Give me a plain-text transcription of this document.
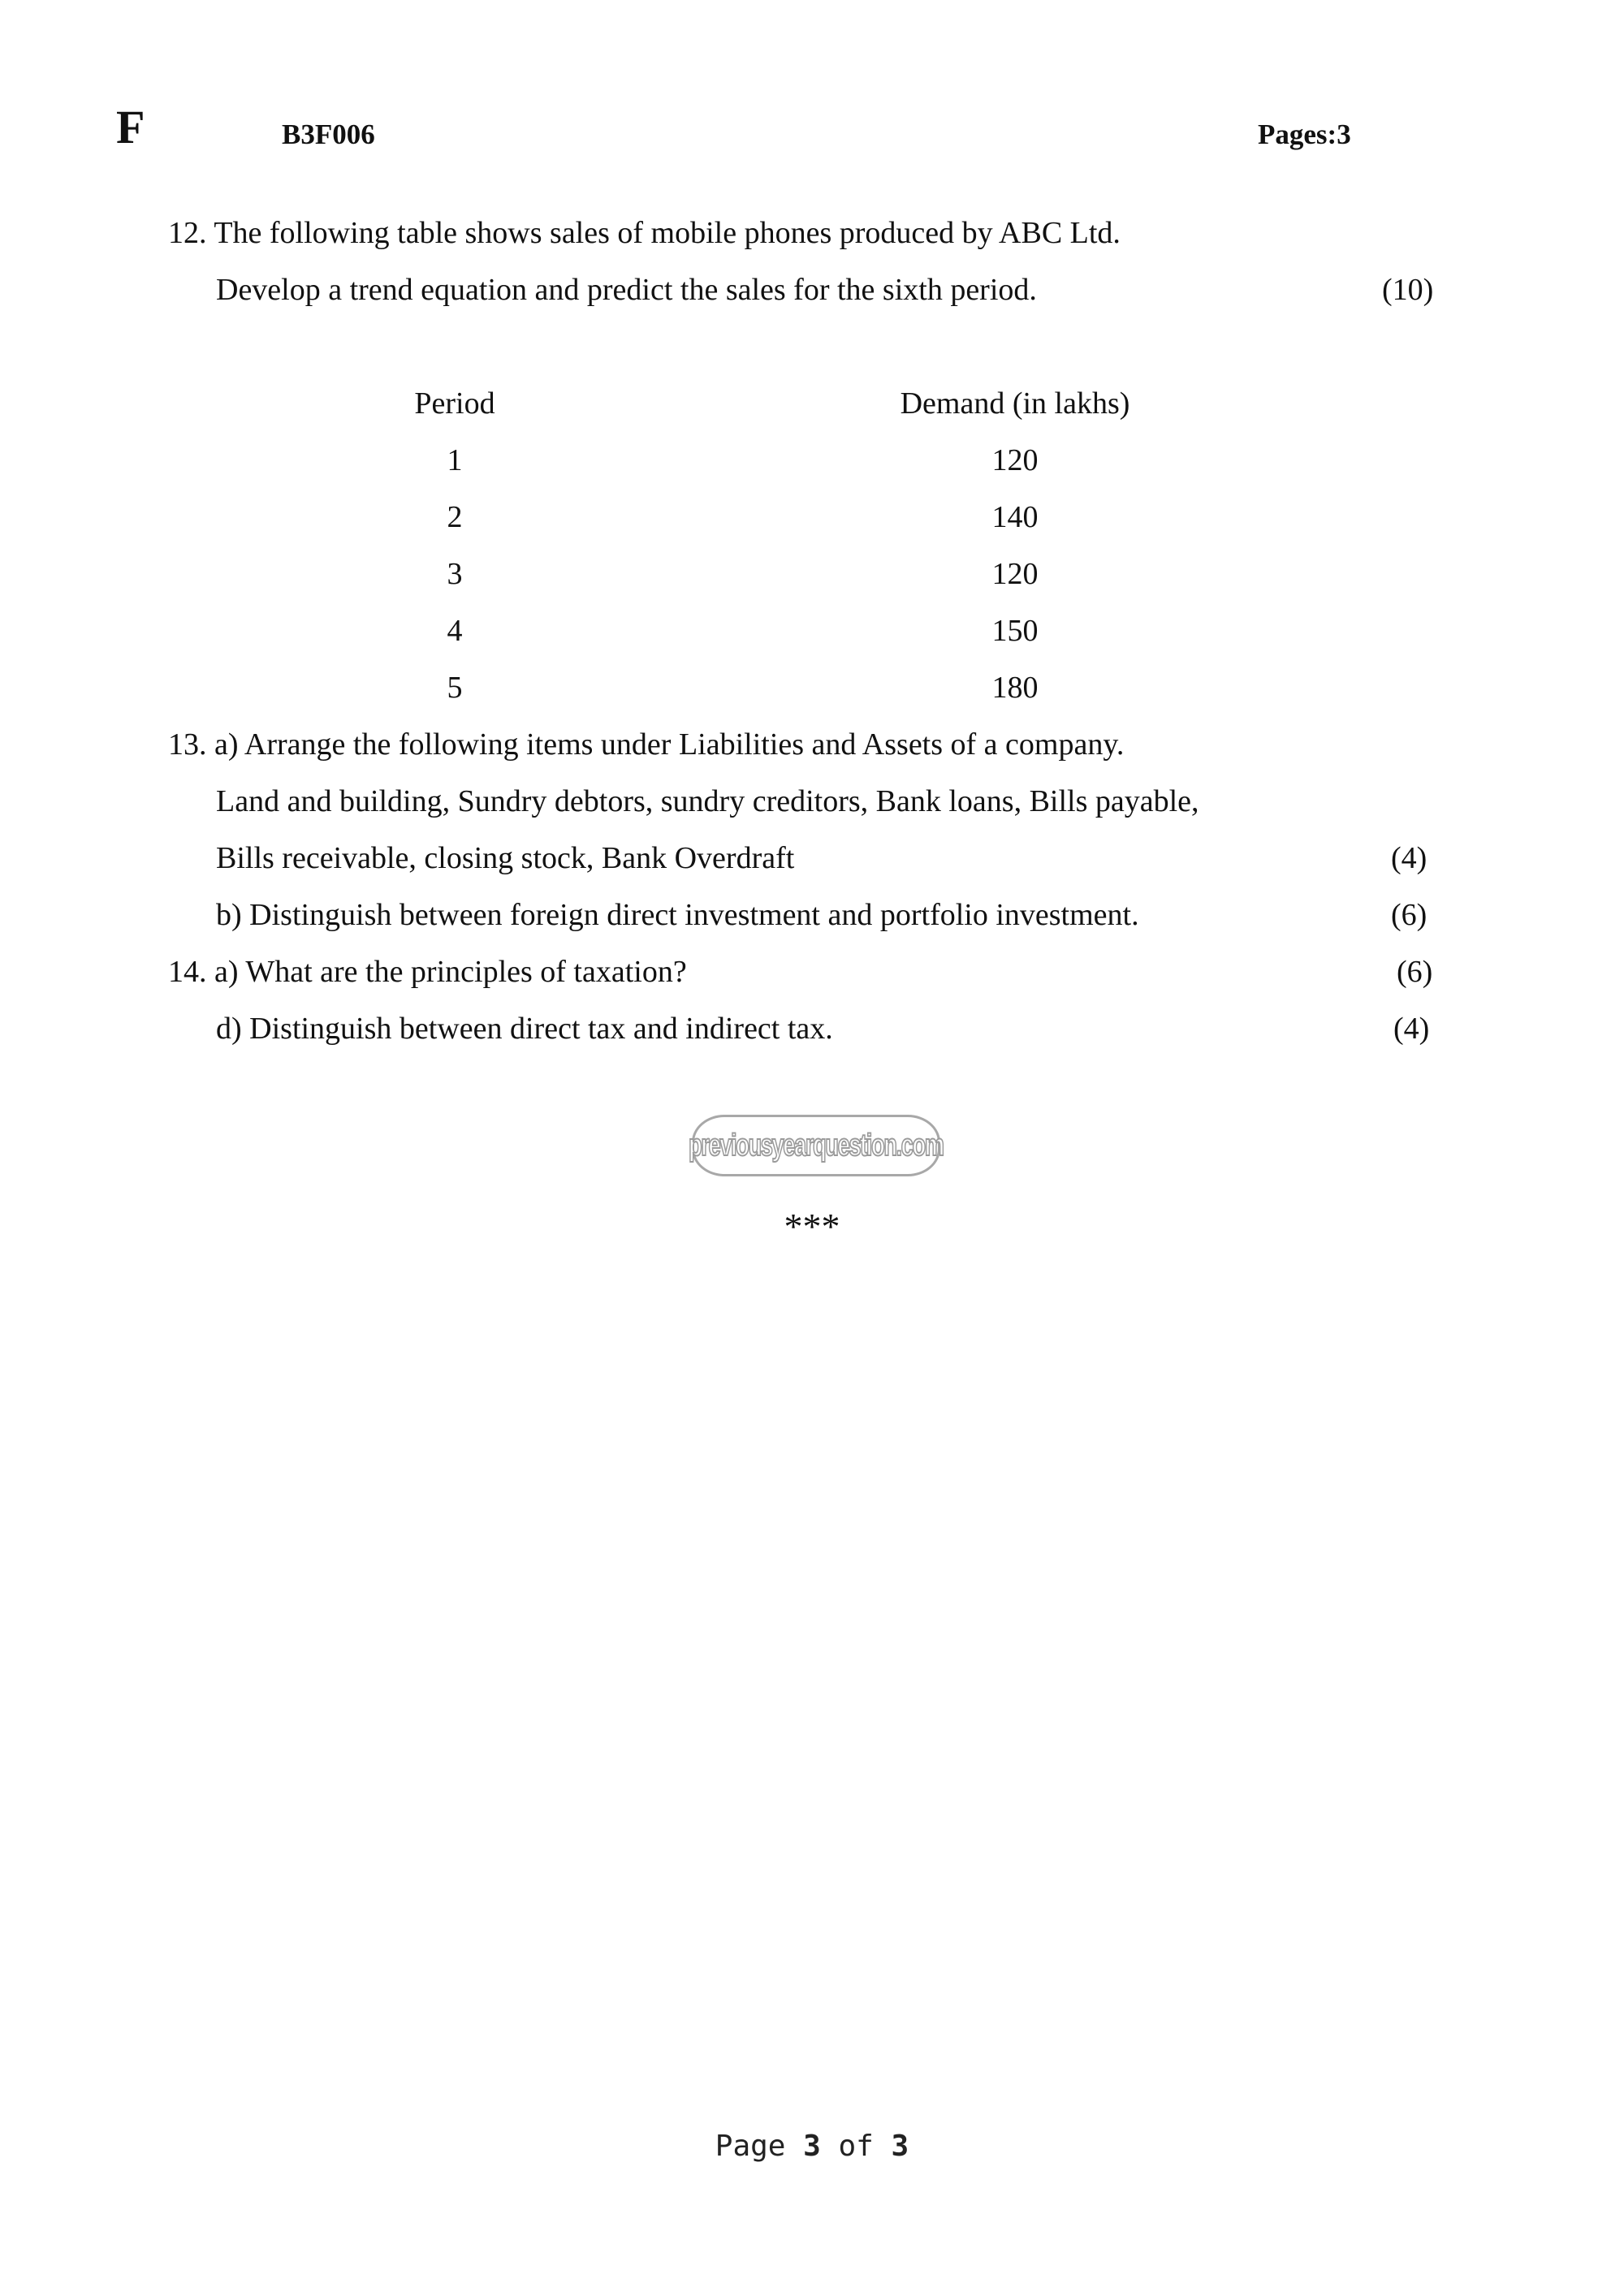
F	B3F006	Pages:3
12. The following table shows sales of mobile phones produced by ABC Ltd.
Develop a trend equation and predict the sales for the sixth period.	(10)
Period	Demand (in lakhs)
1	120
2	140
3	120
4	150
5	180
13. a) Arrange the following items under Liabilities and Assets of a company.
Land and building, Sundry debtors, sundry creditors, Bank loans, Bills payable,
Bills receivable, closing stock, Bank Overdraft	(4)
b) Distinguish between foreign direct investment and portfolio investment.	(6)
14. a) What are the principles of taxation?	(6)
d) Distinguish between direct tax and indirect tax.	(4)
previousyearquestion.com
***
Page 3 of 3
